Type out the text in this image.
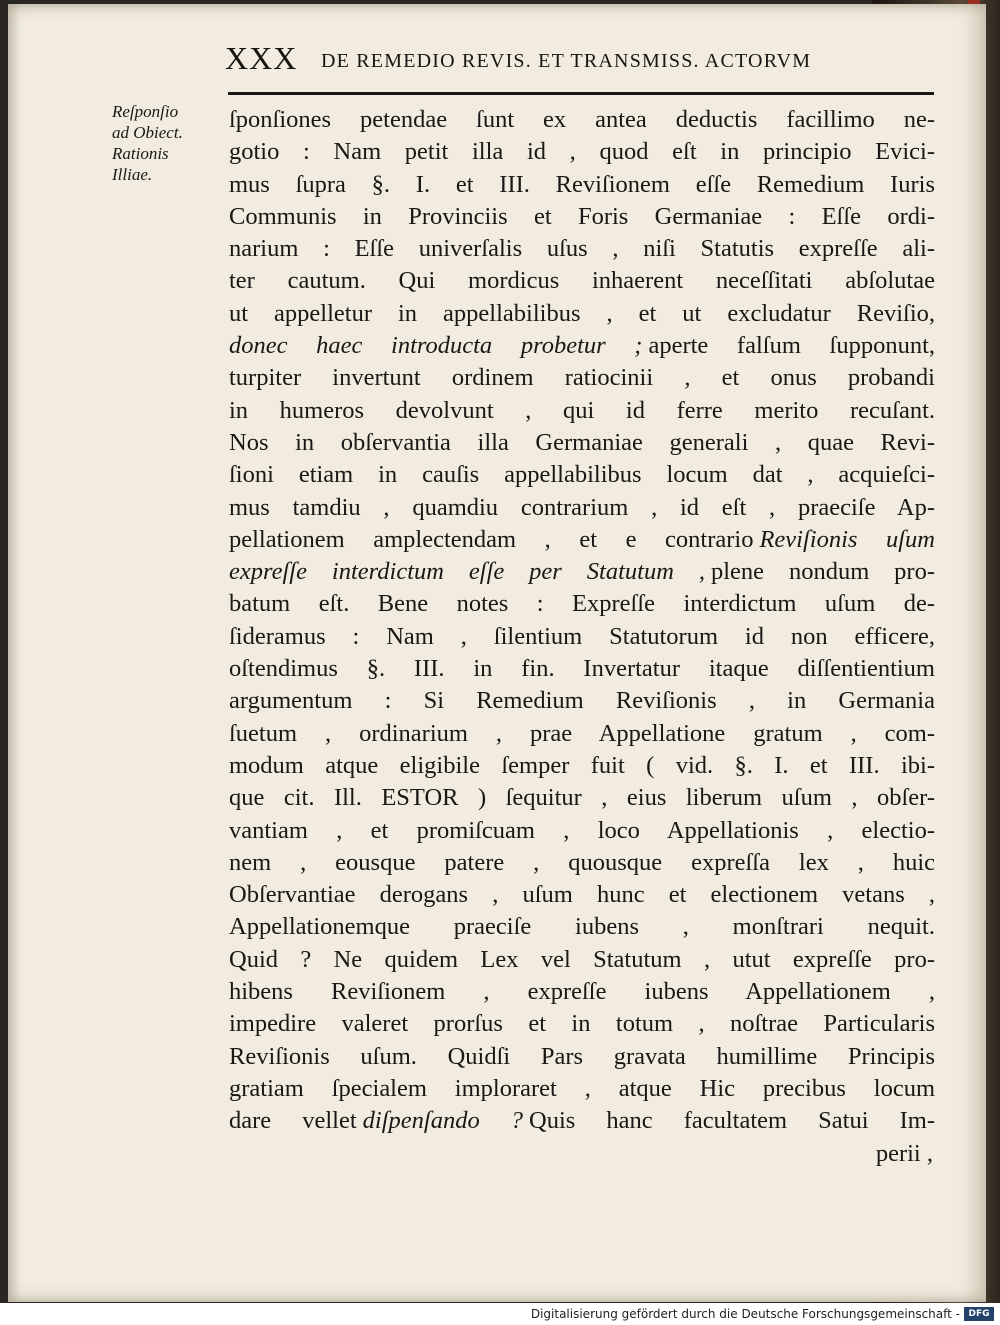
XXX DE REMEDIO REVIS. ET TRANSMISS. ACTORVM

Reſponſio
ad Obiect.
Rationis
Illiae.

ſponſiones petendae ſunt ex antea deductis facillimo ne-
gotio : Nam petit illa id , quod eſt in principio Evici-
mus ſupra §. I. et III. Reviſionem eſſe Remedium Iuris
Communis in Provinciis et Foris Germaniae : Eſſe ordi-
narium : Eſſe univerſalis uſus , niſi Statutis expreſſe ali-
ter cautum. Qui mordicus inhaerent neceſſitati abſolutae
ut appelletur in appellabilibus , et ut excludatur Reviſio,
donec haec introducta probetur ; aperte falſum ſupponunt,
turpiter invertunt ordinem ratiocinii , et onus probandi
in humeros devolvunt , qui id ferre merito recuſant.
Nos in obſervantia illa Germaniae generali , quae Revi-
ſioni etiam in cauſis appellabilibus locum dat , acquieſci-
mus tamdiu , quamdiu contrarium , id eſt , praeciſe Ap-
pellationem amplectendam , et e contrario Reviſionis uſum
expreſſe interdictum eſſe per Statutum , plene nondum pro-
batum eſt. Bene notes : Expreſſe interdictum uſum de-
ſideramus : Nam , ſilentium Statutorum id non efficere,
oſtendimus §. III. in fin. Invertatur itaque diſſentientium
argumentum : Si Remedium Reviſionis , in Germania
ſuetum , ordinarium , prae Appellatione gratum , com-
modum atque eligibile ſemper fuit ( vid. §. I. et III. ibi-
que cit. Ill. ESTOR ) ſequitur , eius liberum uſum , obſer-
vantiam , et promiſcuam , loco Appellationis , electio-
nem , eousque patere , quousque expreſſa lex , huic
Obſervantiae derogans , uſum hunc et electionem vetans ,
Appellationemque praeciſe iubens , monſtrari nequit.
Quid ? Ne quidem Lex vel Statutum , utut expreſſe pro-
hibens Reviſionem , expreſſe iubens Appellationem ,
impedire valeret prorſus et in totum , noſtrae Particularis
Reviſionis uſum. Quidſi Pars gravata humillime Principis
gratiam ſpecialem imploraret , atque Hic precibus locum
dare vellet diſpenſando ? Quis hanc facultatem Satui Im-
perii ,
Digitalisierung gefördert durch die Deutsche Forschungsgemeinschaft - DFG
